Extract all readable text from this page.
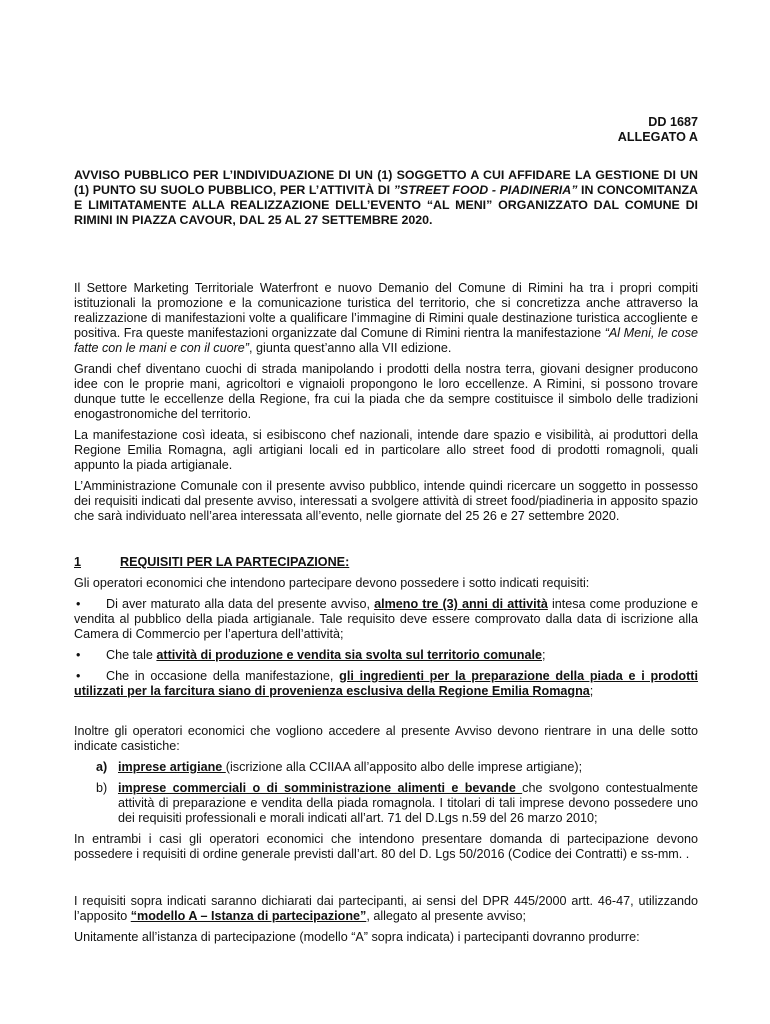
DD 1687
ALLEGATO A
AVVISO PUBBLICO PER L’INDIVIDUAZIONE DI UN (1) SOGGETTO A CUI AFFIDARE LA GESTIONE DI UN (1) PUNTO SU SUOLO PUBBLICO, PER L’ATTIVITÀ DI ”STREET FOOD - PIADINERIA” IN CONCOMITANZA E LIMITATAMENTE ALLA REALIZZAZIONE DELL’EVENTO “AL MENI” ORGANIZZATO DAL COMUNE DI RIMINI IN PIAZZA CAVOUR, DAL 25 AL 27 SETTEMBRE 2020.

Il Settore Marketing Territoriale Waterfront e nuovo Demanio del Comune di Rimini ha tra i propri compiti istituzionali la promozione e la comunicazione turistica del territorio, che si concretizza anche attraverso la realizzazione di manifestazioni volte a qualificare l’immagine di Rimini quale destinazione turistica accogliente e positiva. Fra queste manifestazioni organizzate dal Comune di Rimini rientra la manifestazione “Al Meni, le cose fatte con le mani e con il cuore”, giunta quest’anno alla VII edizione.

Grandi chef diventano cuochi di strada manipolando i prodotti della nostra terra, giovani designer producono idee con le proprie mani, agricoltori e vignaioli propongono le loro eccellenze. A Rimini, si possono trovare dunque tutte le eccellenze della Regione, fra cui la piada che da sempre costituisce il simbolo delle tradizioni enogastronomiche del territorio.

La manifestazione così ideata, si esibiscono chef nazionali, intende dare spazio e visibilità, ai produttori della Regione Emilia Romagna, agli artigiani locali ed in particolare allo street food di prodotti romagnoli, quali appunto la piada artigianale.

L’Amministrazione Comunale con il presente avviso pubblico, intende quindi ricercare un soggetto in possesso dei requisiti indicati dal presente avviso, interessati a svolgere attività di street food/piadineria in apposito spazio che sarà individuato nell’area interessata all’evento, nelle giornate del 25 26 e 27 settembre 2020.

1	REQUISITI PER LA PARTECIPAZIONE:

Gli operatori economici che intendono partecipare devono possedere i sotto indicati requisiti:

• Di aver maturato alla data del presente avviso, almeno tre (3) anni di attività intesa come produzione e vendita al pubblico della piada artigianale. Tale requisito deve essere comprovato dalla data di iscrizione alla Camera di Commercio per l’apertura dell’attività;
• Che tale attività di produzione e vendita sia svolta sul territorio comunale;
• Che in occasione della manifestazione, gli ingredienti per la preparazione della piada e i prodotti utilizzati per la farcitura siano di provenienza esclusiva della Regione Emilia Romagna;

Inoltre gli operatori economici che vogliono accedere al presente Avviso devono rientrare in una delle sotto indicate casistiche:

a) imprese artigiane (iscrizione alla CCIIAA all’apposito albo delle imprese artigiane);
b) imprese commerciali o di somministrazione alimenti e bevande che svolgono contestualmente attività di preparazione e vendita della piada romagnola. I titolari di tali imprese devono possedere uno dei requisiti professionali e morali indicati all’art. 71 del D.Lgs n.59 del 26 marzo 2010;

In entrambi i casi gli operatori economici che intendono presentare domanda di partecipazione devono possedere i requisiti di ordine generale previsti dall’art. 80 del D. Lgs 50/2016 (Codice dei Contratti) e ss-mm. .

I requisiti sopra indicati saranno dichiarati dai partecipanti, ai sensi del DPR 445/2000 artt. 46-47, utilizzando l’apposito “modello A – Istanza di partecipazione”, allegato al presente avviso;

Unitamente all’istanza di partecipazione (modello “A” sopra indicata) i partecipanti dovranno produrre:
